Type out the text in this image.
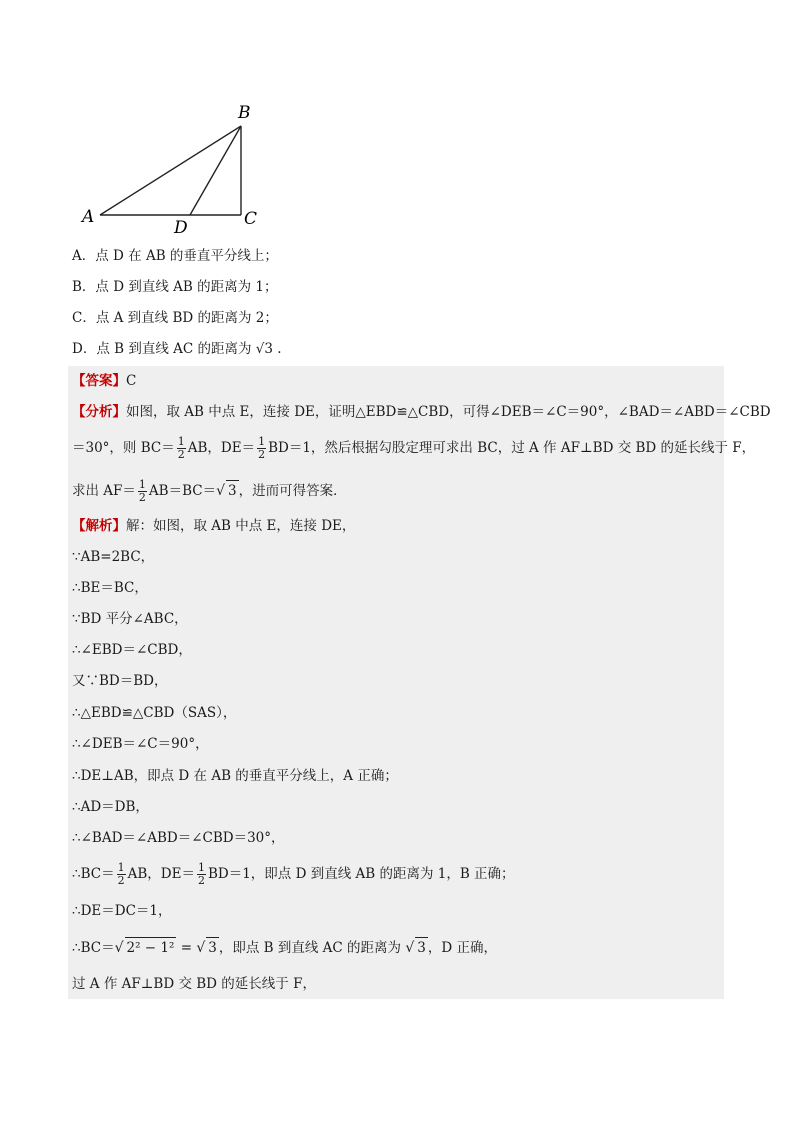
B
A
D	C
A．点 D 在 AB 的垂直平分线上；
B．点 D 到直线 AB 的距离为 1；
C．点 A 到直线 BD 的距离为 2；
D．点 B 到直线 AC 的距离为 √3 .
【答案】C
【分析】如图，取 AB 中点 E，连接 DE，证明△EBD≌△CBD，可得∠DEB＝∠C＝90°，∠BAD＝∠ABD＝∠CBD
＝30°，则 $BC= \frac{1}{2}$ AB，$DE= \frac{1}{2} BD=1$，然后根据勾股定理可求出 BC，过 A 作 AF⊥BD 交 BD 的延长线于 F，
求出 $AF= \frac{1}{2} AB=BC=√$ 3 ，进而可得答案．
【解析】解：如图，取 AB 中点 E，连接 DE，
∵AB=2BC，
∴BE＝BC，
∵BD 平分∠ABC，
∴∠EBD＝∠CBD，
又∵BD＝BD，
∴△EBD≌△CBD（SAS），
∴∠DEB＝∠C＝90°，
∴DE⊥AB，即点 D 在 AB 的垂直平分线上，A 正确；
∴AD＝DB，
∴∠BAD＝∠ABD＝∠CBD＝30°，
∴BC＝ $\frac{1}{2}$ AB，$DE= \frac{1}{2} BD=1$，即点 D 到直线 AB 的距离为 1，B 正确；
∴DE＝DC＝1，
∴BC＝√ 2² − 1² = √ 3 ，即点 B 到直线 AC 的距离为 √ 3 ，D 正确，
过 A 作 AF⊥BD 交 BD 的延长线于 F，
